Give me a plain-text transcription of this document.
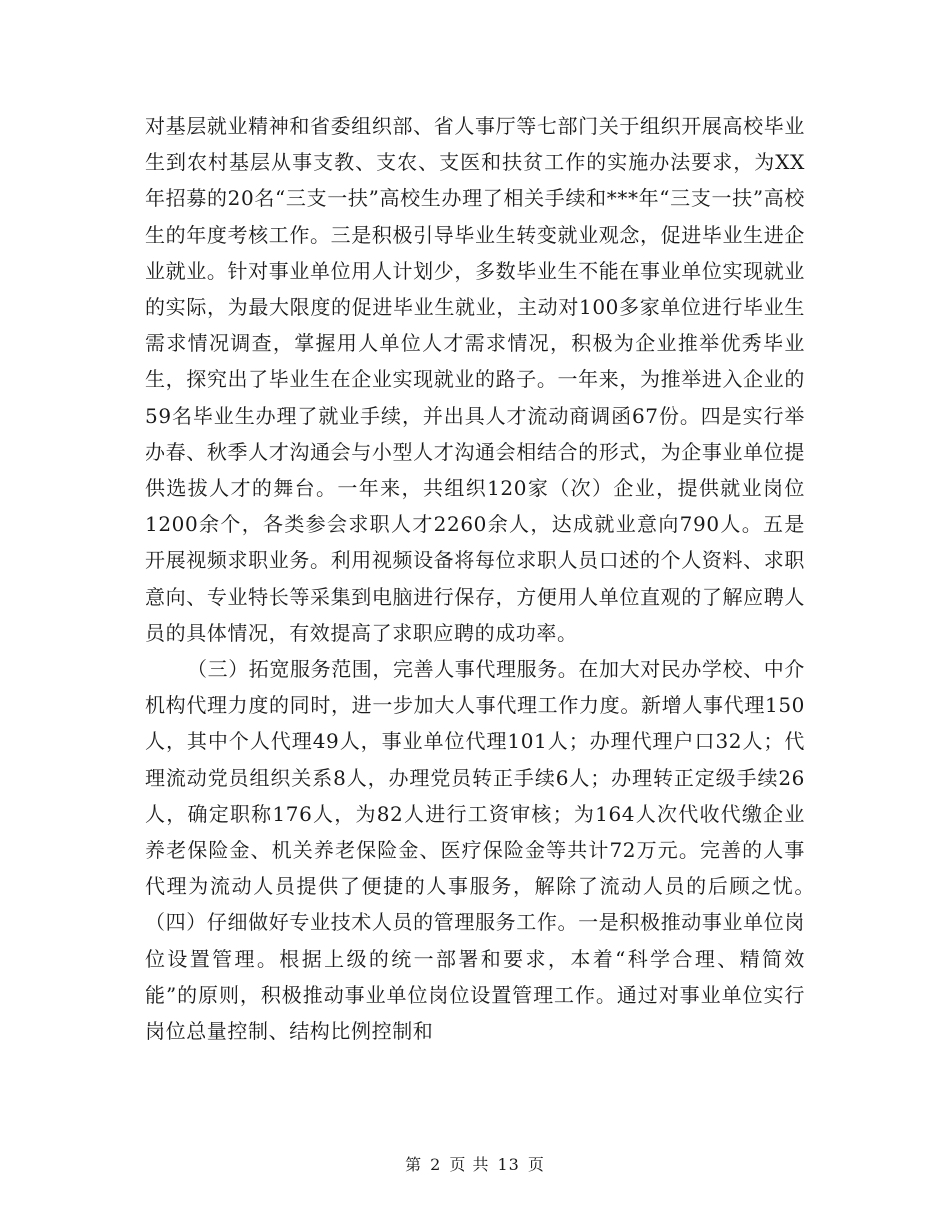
对基层就业精神和省委组织部、省人事厅等七部门关于组织开展高校毕业生到农村基层从事支教、支农、支医和扶贫工作的实施办法要求，为XX年招募的20名“三支一扶”高校生办理了相关手续和***年“三支一扶”高校生的年度考核工作。三是积极引导毕业生转变就业观念，促进毕业生进企业就业。针对事业单位用人计划少，多数毕业生不能在事业单位实现就业的实际，为最大限度的促进毕业生就业，主动对100多家单位进行毕业生需求情况调查，掌握用人单位人才需求情况，积极为企业推举优秀毕业生，探究出了毕业生在企业实现就业的路子。一年来，为推举进入企业的59名毕业生办理了就业手续，并出具人才流动商调函67份。四是实行举办春、秋季人才沟通会与小型人才沟通会相结合的形式，为企事业单位提供选拔人才的舞台。一年来，共组织120家（次）企业，提供就业岗位1200余个，各类参会求职人才2260余人，达成就业意向790人。五是开展视频求职业务。利用视频设备将每位求职人员口述的个人资料、求职意向、专业特长等采集到电脑进行保存，方便用人单位直观的了解应聘人员的具体情况，有效提高了求职应聘的成功率。

（三）拓宽服务范围，完善人事代理服务。在加大对民办学校、中介机构代理力度的同时，进一步加大人事代理工作力度。新增人事代理150人，其中个人代理49人，事业单位代理101人；办理代理户口32人；代理流动党员组织关系8人，办理党员转正手续6人；办理转正定级手续26人，确定职称176人，为82人进行工资审核；为164人次代收代缴企业养老保险金、机关养老保险金、医疗保险金等共计72万元。完善的人事代理为流动人员提供了便捷的人事服务，解除了流动人员的后顾之忧。　　　（四）仔细做好专业技术人员的管理服务工作。一是积极推动事业单位岗位设置管理。根据上级的统一部署和要求，本着“科学合理、精简效能”的原则，积极推动事业单位岗位设置管理工作。通过对事业单位实行岗位总量控制、结构比例控制和

第 2 页 共 13 页
